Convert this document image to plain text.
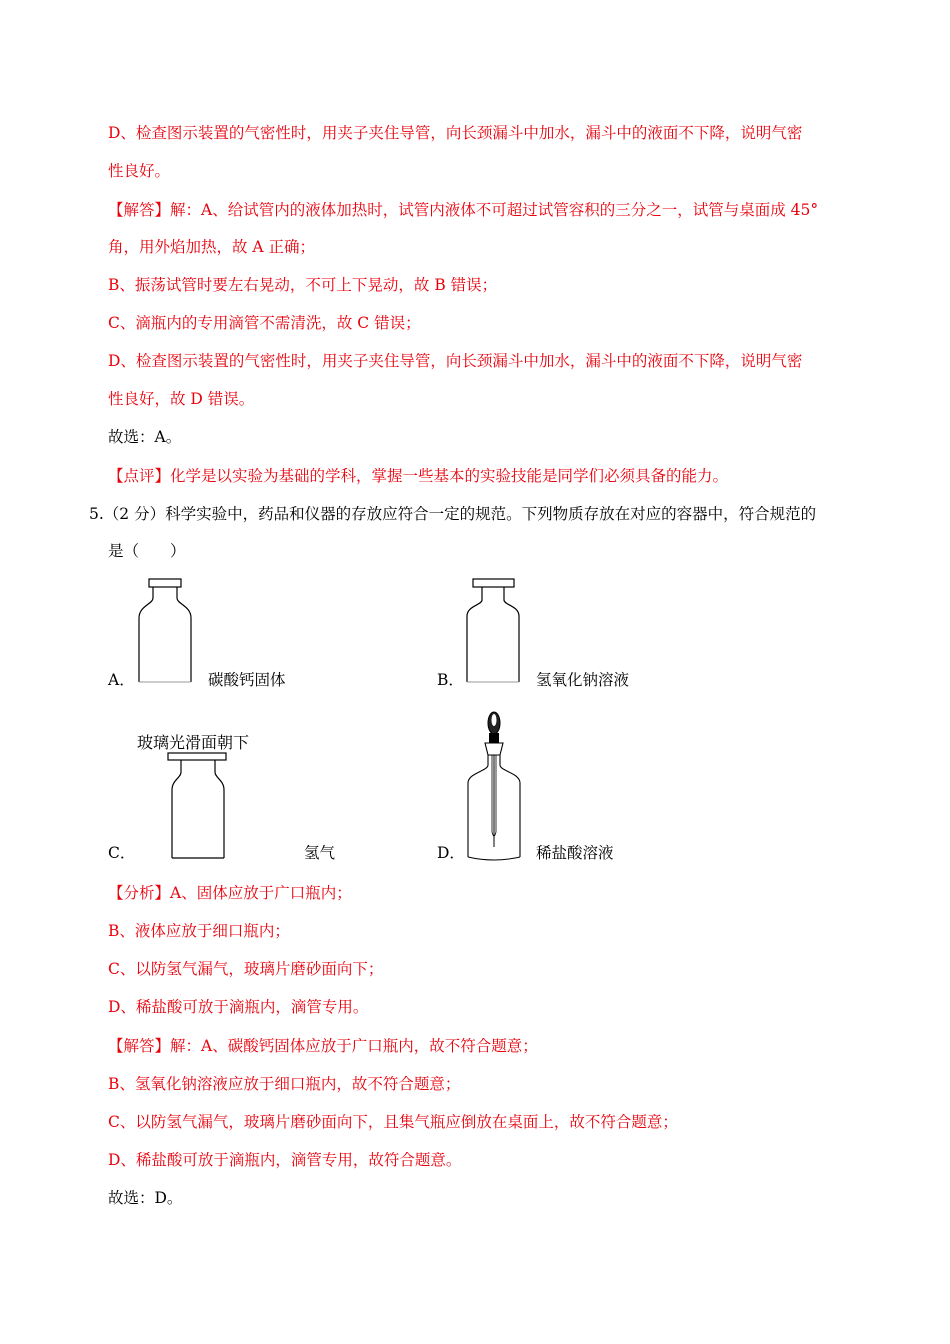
D、检查图示装置的气密性时，用夹子夹住导管，向长颈漏斗中加水，漏斗中的液面不下降，说明气密
性良好。
【解答】解：A、给试管内的液体加热时，试管内液体不可超过试管容积的三分之一，试管与桌面成 45°
角，用外焰加热，故 A 正确；
B、振荡试管时要左右晃动，不可上下晃动，故 B 错误；
C、滴瓶内的专用滴管不需清洗，故 C 错误；
D、检查图示装置的气密性时，用夹子夹住导管，向长颈漏斗中加水，漏斗中的液面不下降，说明气密
性良好，故 D 错误。
故选：A。
【点评】化学是以实验为基础的学科，掌握一些基本的实验技能是同学们必须具备的能力。
5.（2 分）科学实验中，药品和仪器的存放应符合一定的规范。下列物质存放在对应的容器中，符合规范的
是（　　）
A．	碳酸钙固体	B．	氢氧化钠溶液
玻璃光滑面朝下
C．	氢气	D．	稀盐酸溶液
【分析】A、固体应放于广口瓶内；
B、液体应放于细口瓶内；
C、以防氢气漏气，玻璃片磨砂面向下；
D、稀盐酸可放于滴瓶内，滴管专用。
【解答】解：A、碳酸钙固体应放于广口瓶内，故不符合题意；
B、氢氧化钠溶液应放于细口瓶内，故不符合题意；
C、以防氢气漏气，玻璃片磨砂面向下，且集气瓶应倒放在桌面上，故不符合题意；
D、稀盐酸可放于滴瓶内，滴管专用，故符合题意。
故选：D。
